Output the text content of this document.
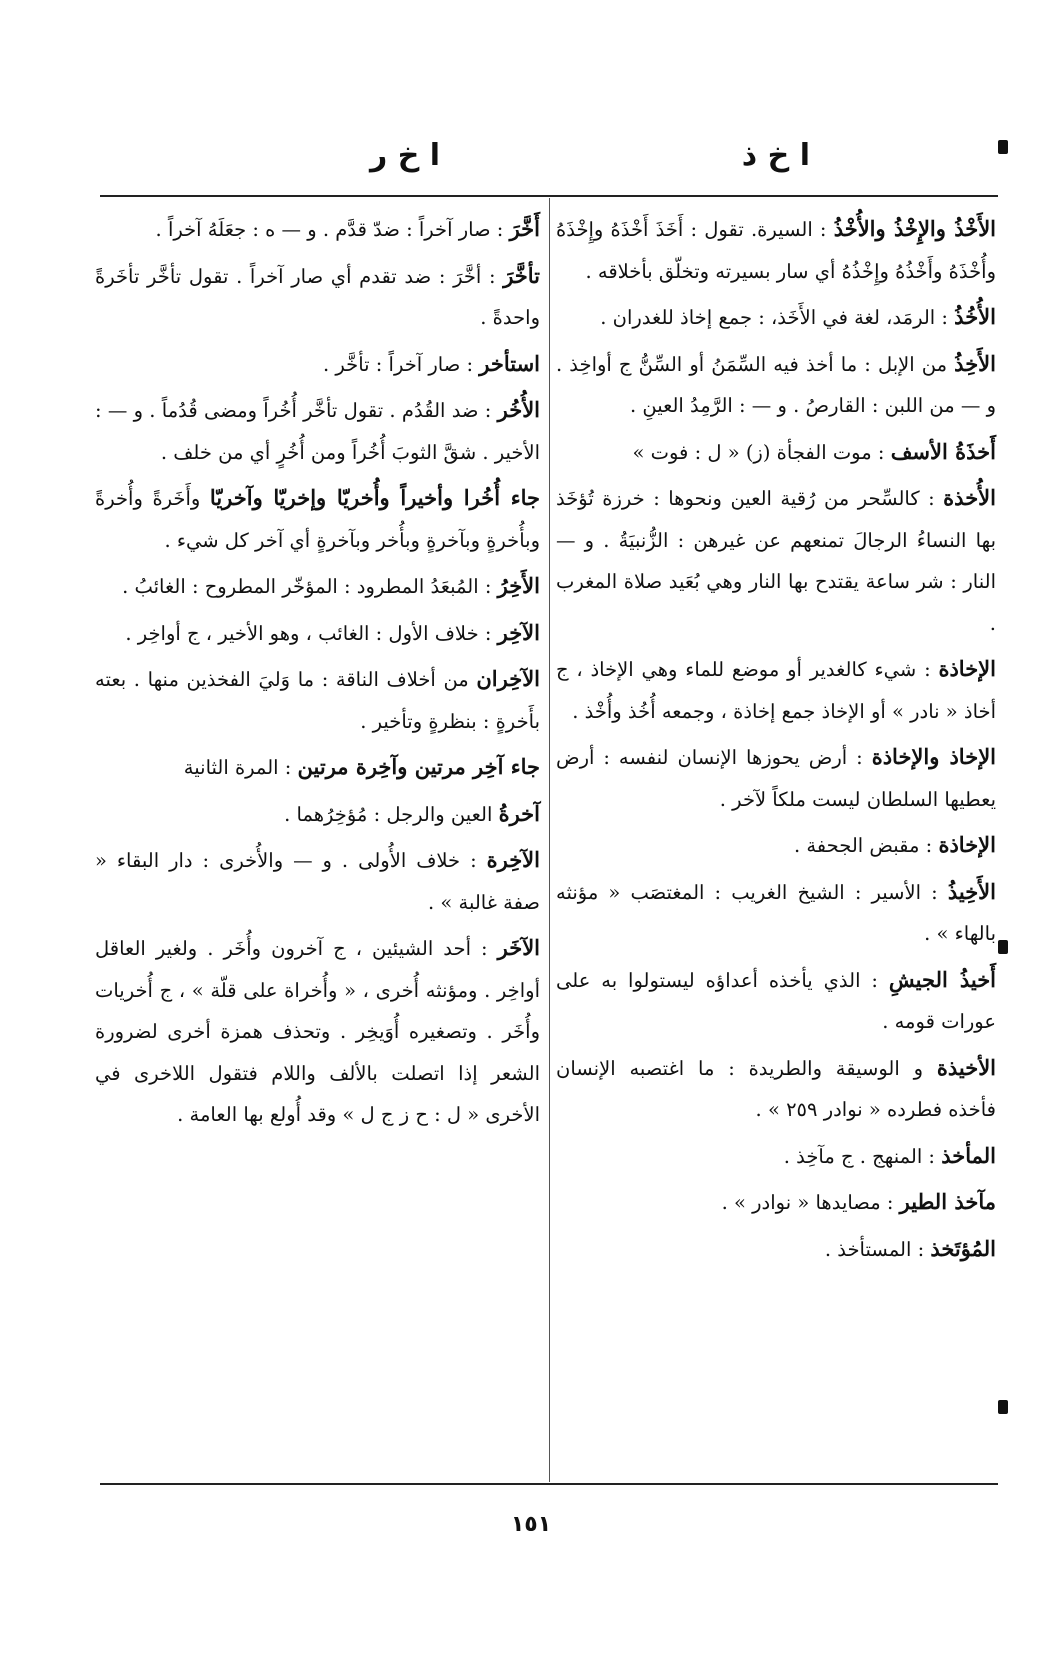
ا خ ذ
ا خ ر
الأَخْذُ والإِخْذُ والأُخْذُ : السيرة. تقول : أَخَذَ أَخْذَهُ وإِخْذَهُ وأُخْذَهُ وأَخْذُهُ وإِخْذُهُ أي سار بسيرته وتخلّق بأخلاقه .
الأُخُذُ : الرمَد، لغة في الأَخَذ، : جمع إخاذ للغدران .
الأَخِذُ من الإبل : ما أخذ فيه السِّمَنُ أو السِّنُّ ج أواخِذ . و — من اللبن : القارصُ . و — : الرَّمِدُ العينِ .
أَخذَةُ الأسف : موت الفجأة (ز) « ل : فوت »
الأُخذة : كالسِّحر من رُقية العين ونحوها : خرزة تُؤخَذ بها النساءُ الرجالَ تمنعهم عن غيرهن : الزُّنبيَةُ . و — النار : شر ساعة يقتدح بها النار وهي بُعَيد صلاة المغرب .
الإخاذة : شيء كالغدير أو موضع للماء وهي الإخاذ ، ج أخاذ « نادر » أو الإخاذ جمع إخاذة ، وجمعه أُخُذ وأُخْذ .
الإخاذ والإخاذة : أرض يحوزها الإنسان لنفسه : أرض يعطيها السلطان ليست ملكاً لآخر .
الإخاذة : مقبض الجحفة .
الأَخِيذُ : الأسير : الشيخ الغريب : المغتصَب « مؤنثه بالهاء » .
أَخيذُ الجيشِ : الذي يأخذه أعداؤه ليستولوا به على عورات قومه .
الأخيذة و الوسيقة والطريدة : ما اغتصبه الإنسان فأخذه فطرده « نوادر ٢٥٩ » .
المأخذ : المنهج . ج مآخِذ .
مآخذ الطير : مصايدها « نوادر » .
المُؤتَخذ : المستأخذ .
أَخَّرَ : صار آخراً : ضدّ قدَّم . و — ه : جعَلَهُ آخراً .
تأخَّرَ : أخَّرَ : ضد تقدم أي صار آخراً . تقول تأخَّر تأخَرةً واحدةً .
استأخر : صار آخراً : تأخَّر .
الأُخُر : ضد القُدُم . تقول تأخَّر أُخُراً ومضى قُدُماً . و — : الأخير . شقَّ الثوبَ أُخُراً ومن أُخُرٍ أي من خلف .
جاء أُخُرا وأخيراً وأُخريّا وإخريّا وآخريّا وأَخَرةً وأُخرةً وبأُخرةٍ وبآخرةٍ وبأُخر وبآخرةٍ أي آخر كل شيء .
الأَخِرُ : المُبعَدُ المطرود : المؤخّر المطروح : الغائبُ .
الآخِر : خلاف الأول : الغائب ، وهو الأخير ، ج أواخِر .
الآخِران من أخلاف الناقة : ما وَليَ الفخذين منها . بعته بأَخرةٍ : بنظرةٍ وتأخير .
جاء آخِر مرتين وآخِرة مرتين : المرة الثانية
آخرةُ العين والرجل : مُؤخِرُهما .
الآخِرة : خلاف الأُولى . و — والأُخرى : دار البقاء « صفة غالبة » .
الآخَر : أحد الشيئين ، ج آخرون وأُخَر . ولغير العاقل أواخِر . ومؤنثه أُخرى ، « وأُخراة على قلّة » ، ج أُخريات وأُخَر . وتصغيره أُوَيخِر . وتحذف همزة أخرى لضرورة الشعر إذا اتصلت بالألف واللام فتقول اللاخرى في الأخرى « ل : ح ز ج ل » وقد أُولع بها العامة .
١٥١
